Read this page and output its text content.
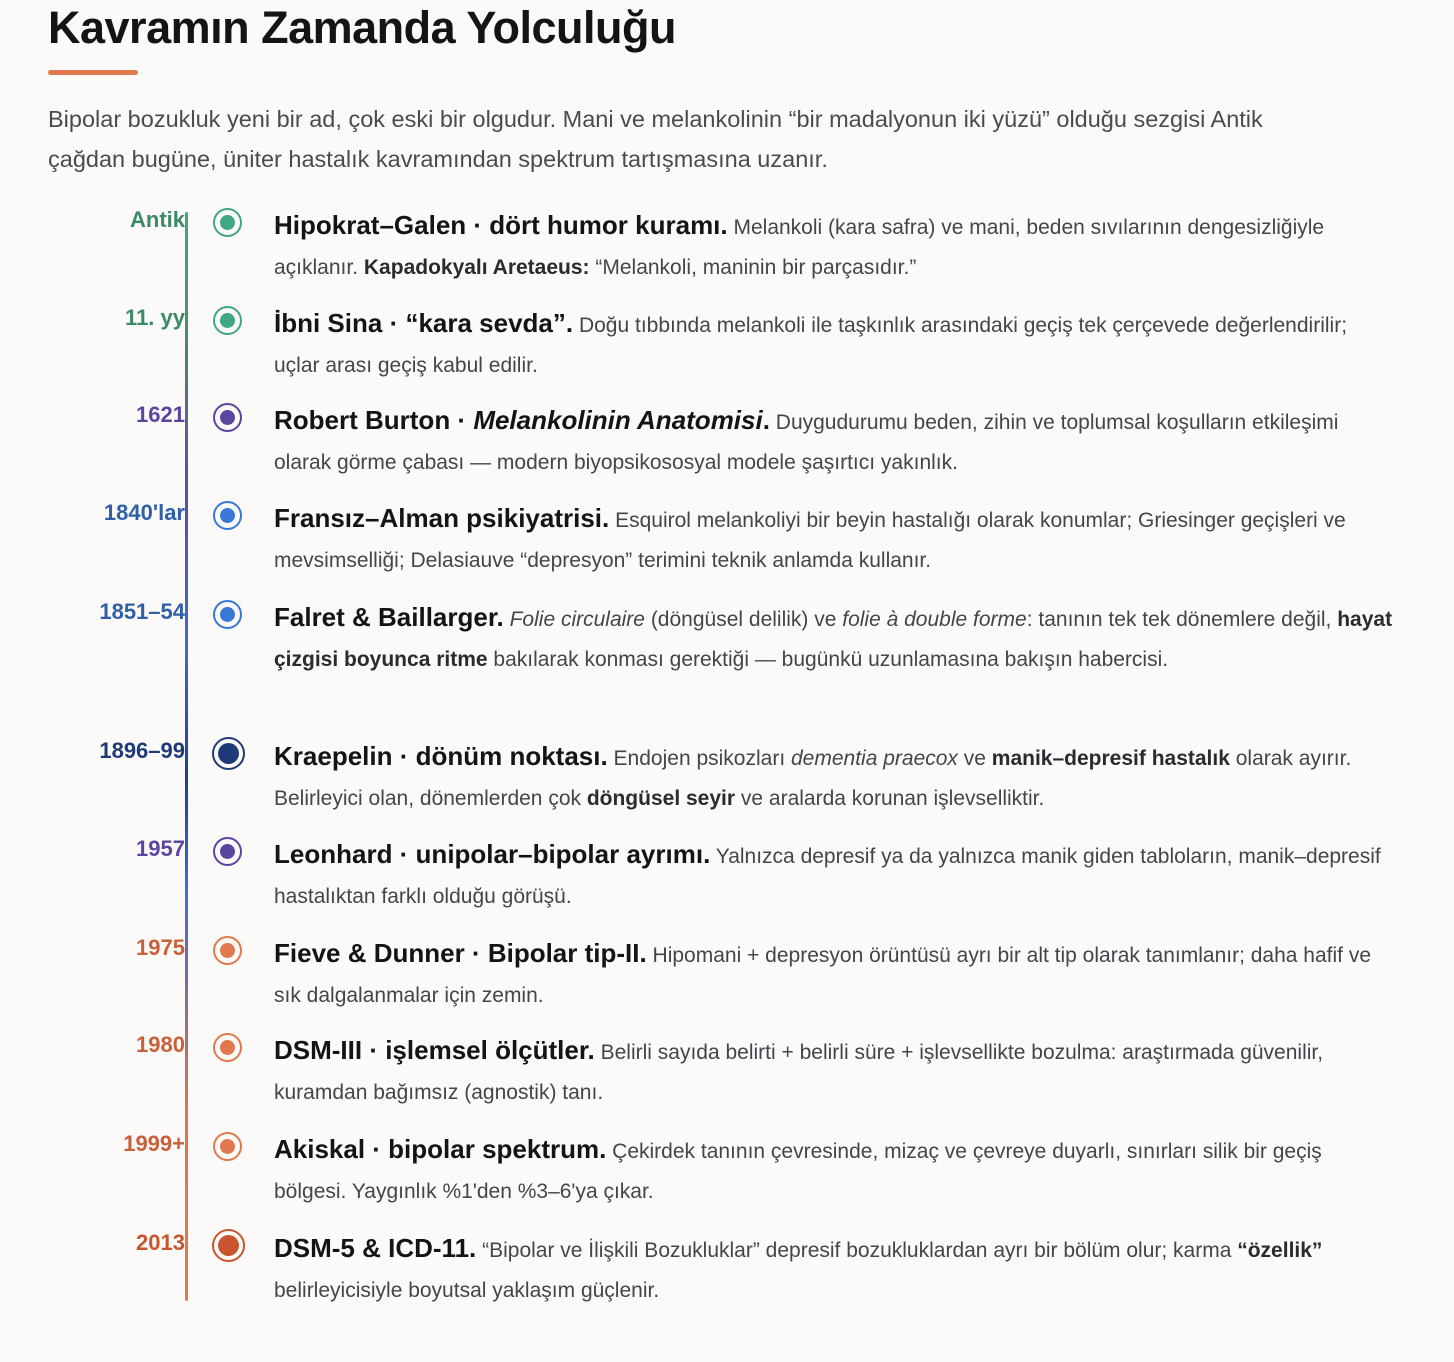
Kavramın Zamanda Yolculuğu

Bipolar bozukluk yeni bir ad, çok eski bir olgudur. Mani ve melankolinin “bir madalyonun iki yüzü” olduğu sezgisi Antik çağdan bugüne, üniter hastalık kavramından spektrum tartışmasına uzanır.

Antik	Hipokrat–Galen · dört humor kuramı. Melankoli (kara safra) ve mani, beden sıvılarının dengesizliğiyle açıklanır. Kapadokyalı Aretaeus: “Melankoli, maninin bir parçasıdır.”
11. yy	İbni Sina · “kara sevda”. Doğu tıbbında melankoli ile taşkınlık arasındaki geçiş tek çerçevede değerlendirilir; uçlar arası geçiş kabul edilir.
1621	Robert Burton · Melankolinin Anatomisi. Duygudurumu beden, zihin ve toplumsal koşulların etkileşimi olarak görme çabası — modern biyopsikososyal modele şaşırtıcı yakınlık.
1840'lar	Fransız–Alman psikiyatrisi. Esquirol melankoliyi bir beyin hastalığı olarak konumlar; Griesinger geçişleri ve mevsimselliği; Delasiauve “depresyon” terimini teknik anlamda kullanır.
1851–54	Falret & Baillarger. Folie circulaire (döngüsel delilik) ve folie à double forme: tanının tek tek dönemlere değil, hayat çizgisi boyunca ritme bakılarak konması gerektiği — bugünkü uzunlamasına bakışın habercisi.
1896–99	Kraepelin · dönüm noktası. Endojen psikozları dementia praecox ve manik–depresif hastalık olarak ayırır. Belirleyici olan, dönemlerden çok döngüsel seyir ve aralarda korunan işlevselliktir.
1957	Leonhard · unipolar–bipolar ayrımı. Yalnızca depresif ya da yalnızca manik giden tabloların, manik–depresif hastalıktan farklı olduğu görüşü.
1975	Fieve & Dunner · Bipolar tip-II. Hipomani + depresyon örüntüsü ayrı bir alt tip olarak tanımlanır; daha hafif ve sık dalgalanmalar için zemin.
1980	DSM-III · işlemsel ölçütler. Belirli sayıda belirti + belirli süre + işlevsellikte bozulma: araştırmada güvenilir, kuramdan bağımsız (agnostik) tanı.
1999+	Akiskal · bipolar spektrum. Çekirdek tanının çevresinde, mizaç ve çevreye duyarlı, sınırları silik bir geçiş bölgesi. Yaygınlık %1'den %3–6'ya çıkar.
2013	DSM-5 & ICD-11. “Bipolar ve İlişkili Bozukluklar” depresif bozukluklardan ayrı bir bölüm olur; karma “özellik” belirleyicisiyle boyutsal yaklaşım güçlenir.
